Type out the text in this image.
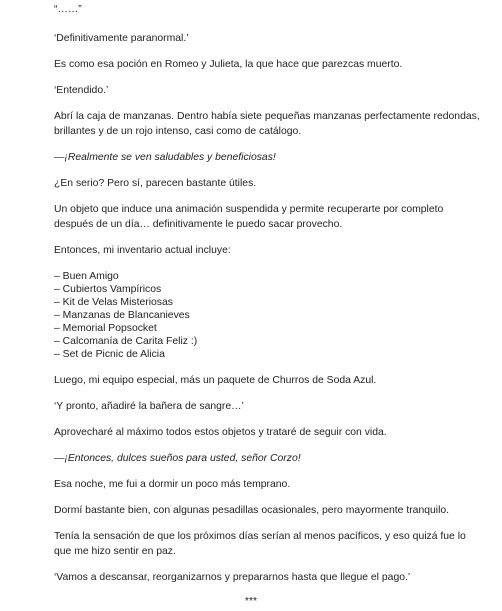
“……”
‘Definitivamente paranormal.’
Es como esa poción en Romeo y Julieta, la que hace que parezcas muerto.
‘Entendido.’
Abrí la caja de manzanas. Dentro había siete pequeñas manzanas perfectamente redondas,
brillantes y de un rojo intenso, casi como de catálogo.
—¡Realmente se ven saludables y beneficiosas!
¿En serio? Pero sí, parecen bastante útiles.
Un objeto que induce una animación suspendida y permite recuperarte por completo
después de un día… definitivamente le puedo sacar provecho.
Entonces, mi inventario actual incluye:
– Buen Amigo
– Cubiertos Vampíricos
– Kit de Velas Misteriosas
– Manzanas de Blancanieves
– Memorial Popsocket
– Calcomanía de Carita Feliz :)
– Set de Picnic de Alicia
Luego, mi equipo especial, más un paquete de Churros de Soda Azul.
‘Y pronto, añadiré la bañera de sangre…’
Aprovecharé al máximo todos estos objetos y trataré de seguir con vida.
—¡Entonces, dulces sueños para usted, señor Corzo!
Esa noche, me fui a dormir un poco más temprano.
Dormí bastante bien, con algunas pesadillas ocasionales, pero mayormente tranquilo.
Tenía la sensación de que los próximos días serían al menos pacíficos, y eso quizá fue lo
que me hizo sentir en paz.
‘Vamos a descansar, reorganizarnos y prepararnos hasta que llegue el pago.’
***
